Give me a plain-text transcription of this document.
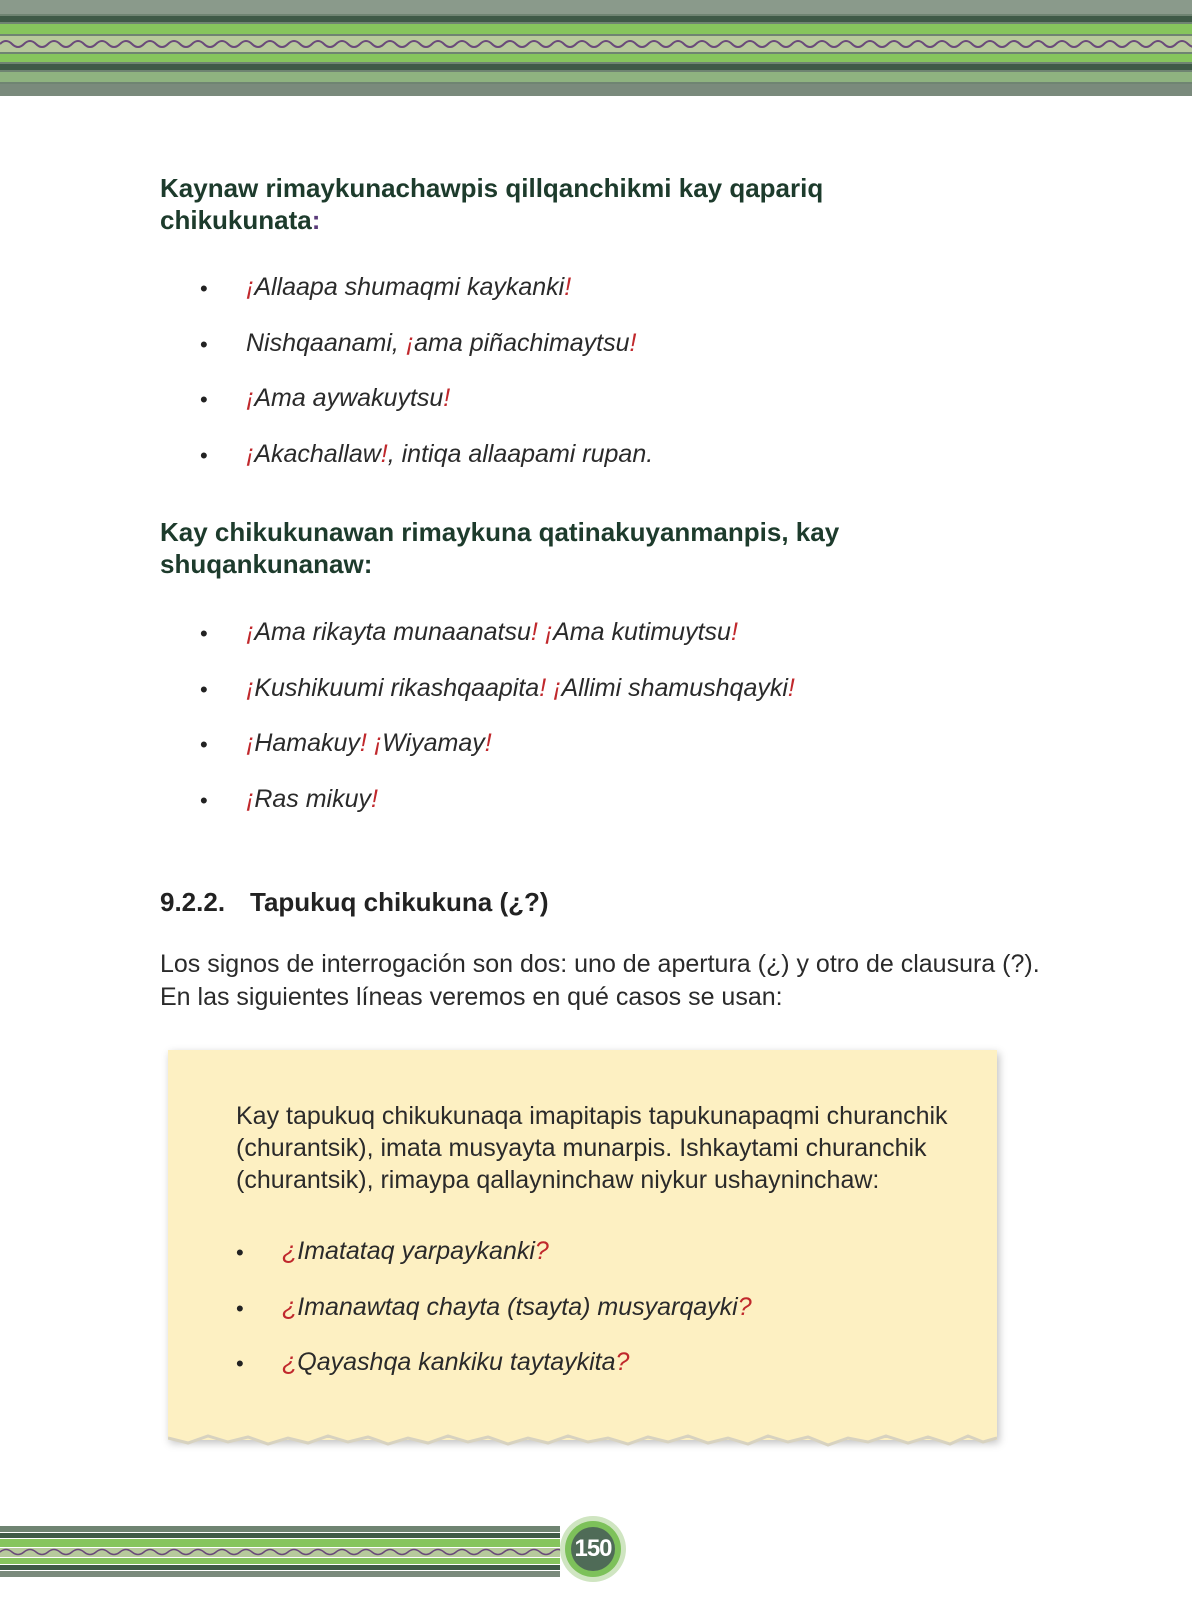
Kaynaw rimaykunachawpis qillqanchikmi kay qapariq chikukunata:
• ¡Allaapa shumaqmi kaykanki!
• Nishqaanami, ¡ama piñachimaytsu!
• ¡Ama aywakuytsu!
• ¡Akachallaw!, intiqa allaapami rupan.
Kay chikukunawan rimaykuna qatinakuyanmanpis, kay shuqankunanaw:
• ¡Ama rikayta munaanatsu! ¡Ama kutimuytsu!
• ¡Kushikuumi rikashqaapita! ¡Allimi shamushqayki!
• ¡Hamakuy! ¡Wiyamay!
• ¡Ras mikuy!
9.2.2. Tapukuq chikukuna (¿?)
Los signos de interrogación son dos: uno de apertura (¿) y otro de clausura (?). En las siguientes líneas veremos en qué casos se usan:
Kay tapukuq chikukunaqa imapitapis tapukunapaqmi churanchik (churantsik), imata musyayta munarpis. Ishkaytami churanchik (churantsik), rimaypa qallayninchaw niykur ushayninchaw:
• ¿Imatataq yarpaykanki?
• ¿Imanawtaq chayta (tsayta) musyarqayki?
• ¿Qayashqa kankiku taytaykita?
150
